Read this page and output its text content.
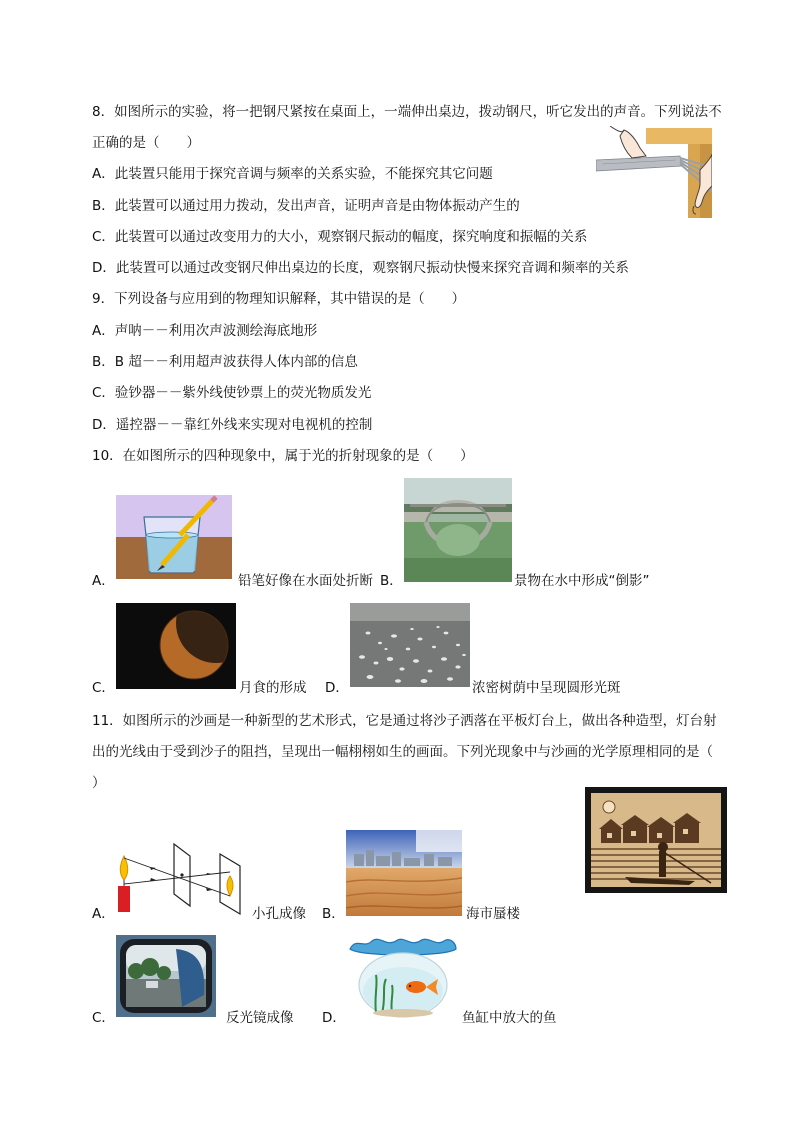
8．如图所示的实验，将一把钢尺紧按在桌面上，一端伸出桌边，拨动钢尺，听它发出的声音。下列说法不
正确的是（　　）
A．此装置只能用于探究音调与频率的关系实验，不能探究其它问题
B．此装置可以通过用力拨动，发出声音，证明声音是由物体振动产生的
C．此装置可以通过改变用力的大小，观察钢尺振动的幅度，探究响度和振幅的关系
D．此装置可以通过改变钢尺伸出桌边的长度，观察钢尺振动快慢来探究音调和频率的关系
9．下列设备与应用到的物理知识解释，其中错误的是（　　）
A．声呐－－利用次声波测绘海底地形
B．B 超－－利用超声波获得人体内部的信息
C．验钞器－－紫外线使钞票上的荧光物质发光
D．遥控器－－靠红外线来实现对电视机的控制
10．在如图所示的四种现象中，属于光的折射现象的是（　　）
A．	铅笔好像在水面处折断 B．	景物在水中形成“倒影”
C．	月食的形成 D．	浓密树荫中呈现圆形光斑
11．如图所示的沙画是一种新型的艺术形式，它是通过将沙子洒落在平板灯台上，做出各种造型，灯台射
出的光线由于受到沙子的阻挡，呈现出一幅栩栩如生的画面。下列光现象中与沙画的光学原理相同的是（
）
A．	小孔成像 B．	海市蜃楼
C．	反光镜成像 D．	鱼缸中放大的鱼
